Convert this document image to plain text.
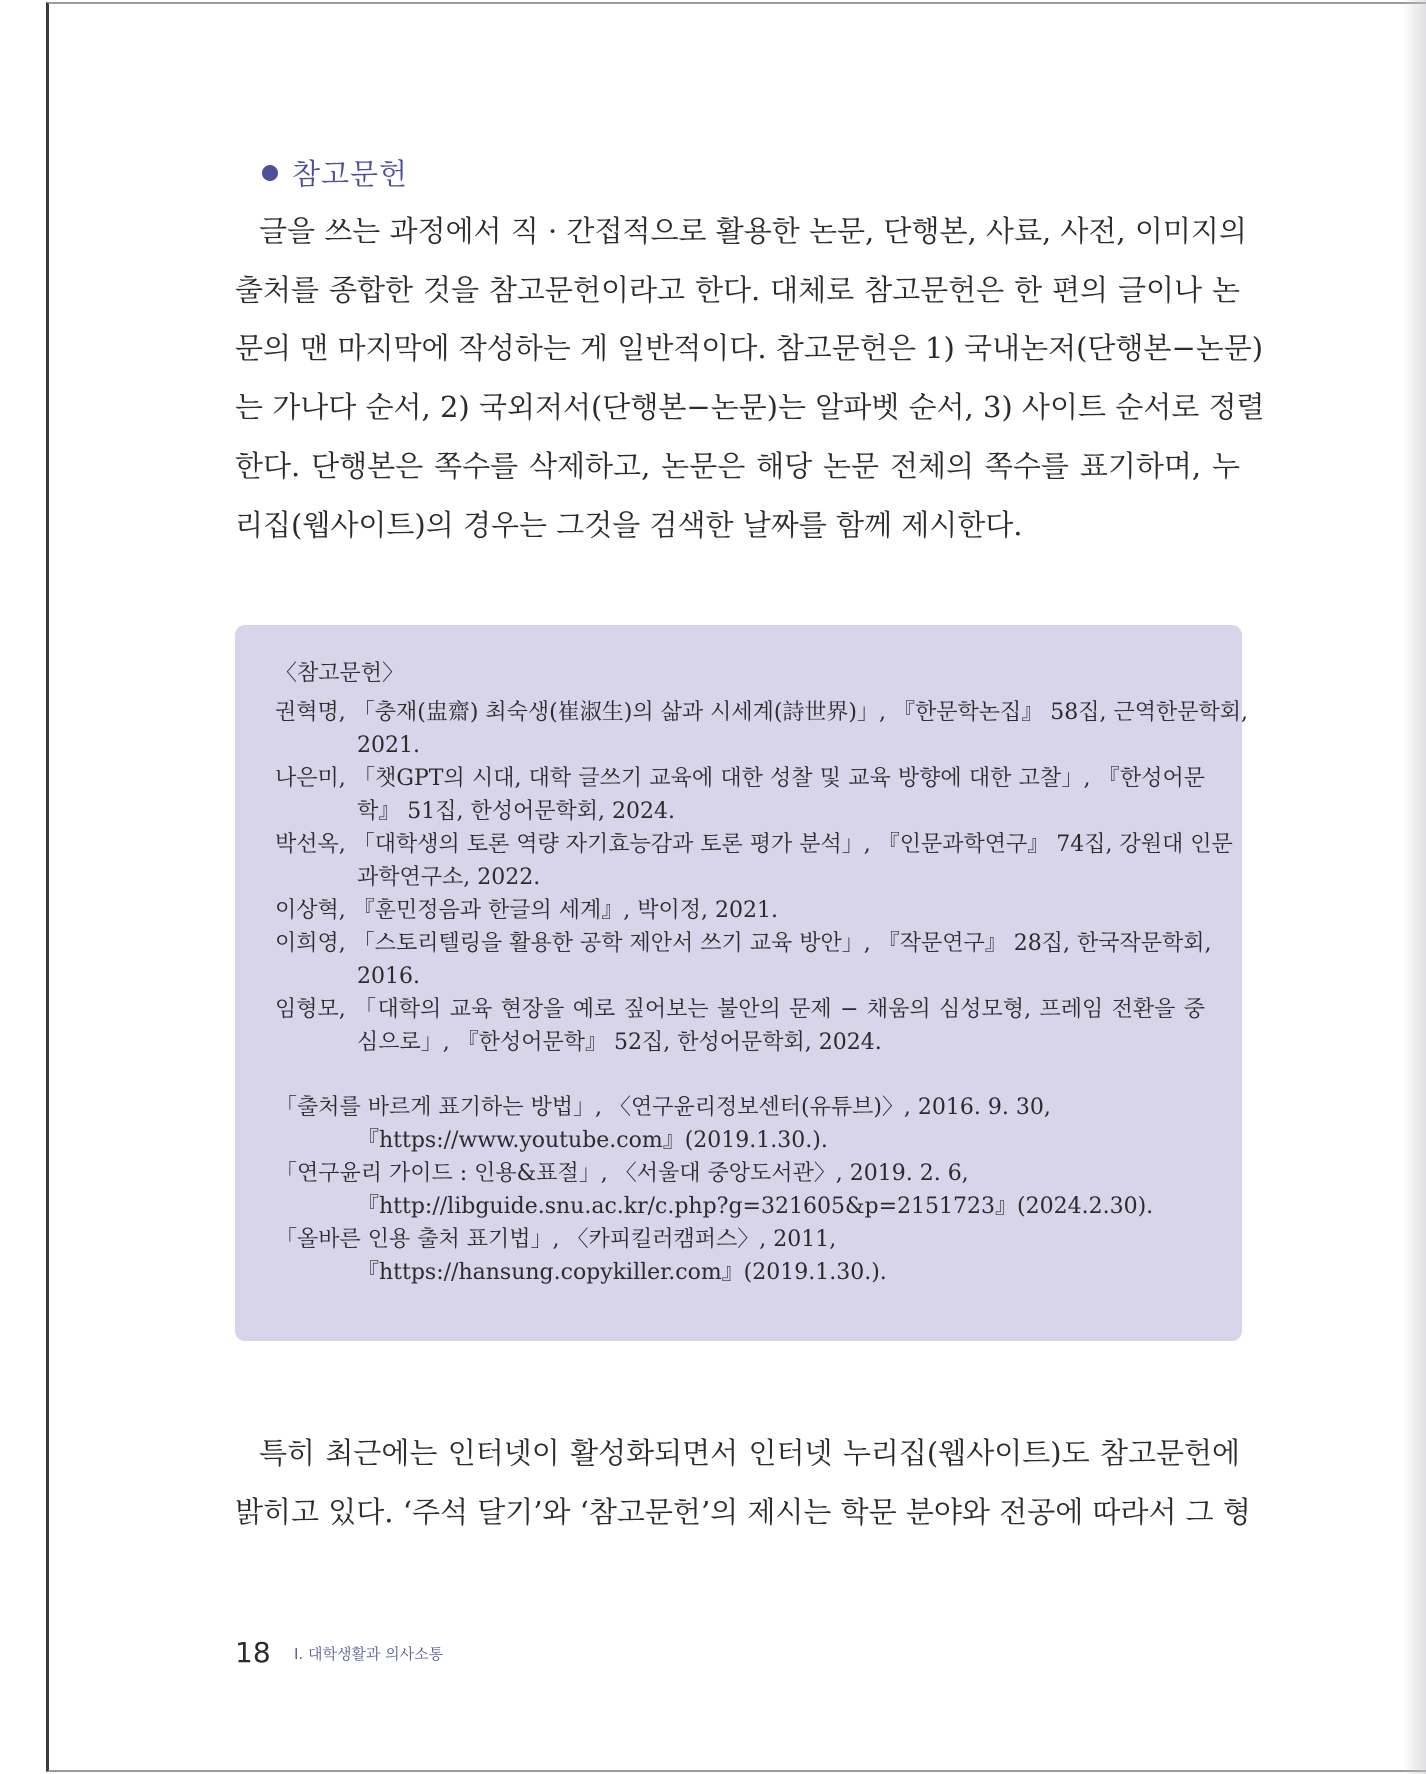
참고문헌
글을 쓰는 과정에서 직 · 간접적으로 활용한 논문, 단행본, 사료, 사전, 이미지의
출처를 종합한 것을 참고문헌이라고 한다. 대체로 참고문헌은 한 편의 글이나 논
문의 맨 마지막에 작성하는 게 일반적이다. 참고문헌은 1) 국내논저(단행본−논문)
는 가나다 순서, 2) 국외저서(단행본−논문)는 알파벳 순서, 3) 사이트 순서로 정렬
한다. 단행본은 쪽수를 삭제하고, 논문은 해당 논문 전체의 쪽수를 표기하며, 누
리집(웹사이트)의 경우는 그것을 검색한 날짜를 함께 제시한다.
〈참고문헌〉
권혁명, 「충재(盅齋) 최숙생(崔淑生)의 삶과 시세계(詩世界)」, 『한문학논집』 58집, 근역한문학회,
2021.
나은미, 「챗GPT의 시대, 대학 글쓰기 교육에 대한 성찰 및 교육 방향에 대한 고찰」, 『한성어문
학』 51집, 한성어문학회, 2024.
박선옥, 「대학생의 토론 역량 자기효능감과 토론 평가 분석」, 『인문과학연구』 74집, 강원대 인문
과학연구소, 2022.
이상혁, 『훈민정음과 한글의 세계』, 박이정, 2021.
이희영, 「스토리텔링을 활용한 공학 제안서 쓰기 교육 방안」, 『작문연구』 28집, 한국작문학회,
2016.
임형모, 「대학의 교육 현장을 예로 짚어보는 불안의 문제 − 채움의 심성모형, 프레임 전환을 중
심으로」, 『한성어문학』 52집, 한성어문학회, 2024.
「출처를 바르게 표기하는 방법」, 〈연구윤리정보센터(유튜브)〉, 2016. 9. 30,
『https://www.youtube.com』(2019.1.30.).
「연구윤리 가이드 : 인용&표절」, 〈서울대 중앙도서관〉, 2019. 2. 6,
『http://libguide.snu.ac.kr/c.php?g=321605&p=2151723』(2024.2.30).
「올바른 인용 출처 표기법」, 〈카피킬러캠퍼스〉, 2011,
『https://hansung.copykiller.com』(2019.1.30.).
특히 최근에는 인터넷이 활성화되면서 인터넷 누리집(웹사이트)도 참고문헌에
밝히고 있다. ‘주석 달기’와 ‘참고문헌’의 제시는 학문 분야와 전공에 따라서 그 형
18 I. 대학생활과 의사소통
